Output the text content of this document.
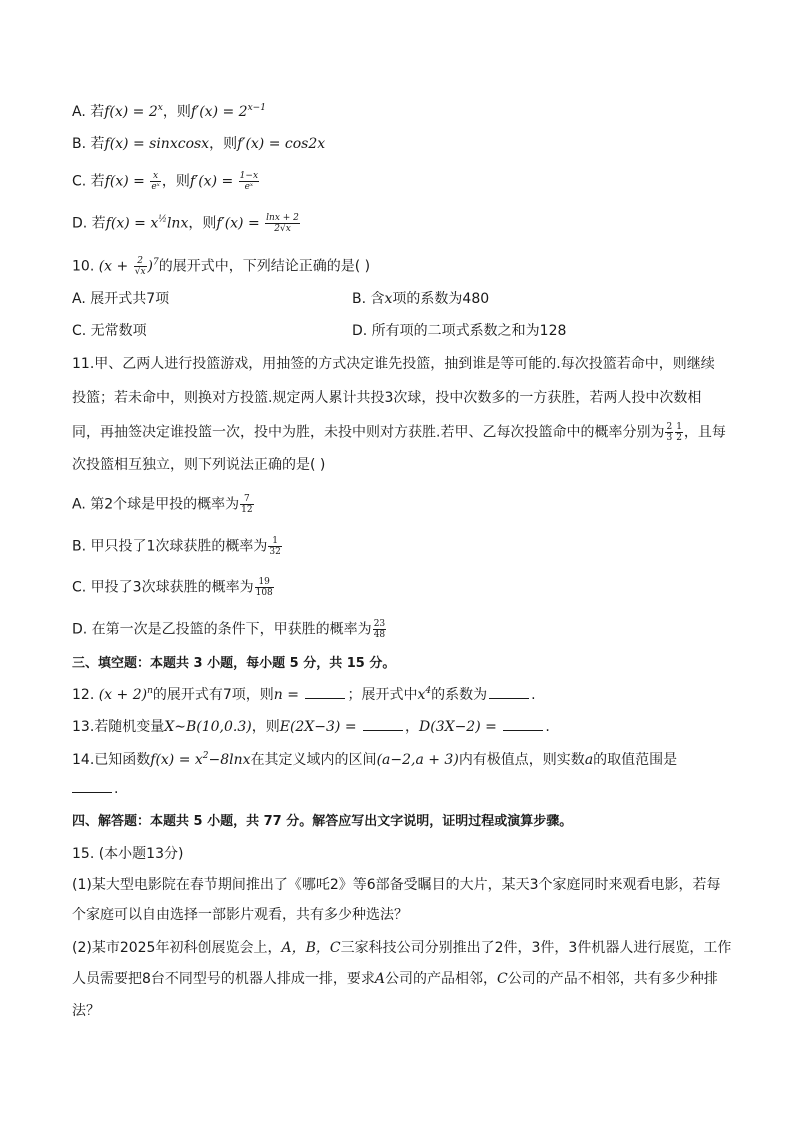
A. 若$f(x) = 2^x$，则$f'(x) = 2^{x-1}$
B. 若f(x) = sinxcosx，则f′(x) = cos2x
C. 若$f(x) = \frac{x}{\text{eˣ}}$ ，则$f'(x) = \frac{1-x}{\text{eˣ}}$
D. 若$f(x) = x^{\frac{1}{2}}\ln x$，则$f'(x) = \frac{\ln x + 2}{2√x}$
10. $(x + \frac{2}{√x} )^7$的展开式中，下列结论正确的是( )
A. 展开式共7项	B. 含x项的系数为480
C. 无常数项	D. 所有项的二项式系数之和为128
11.甲、乙两人进行投篮游戏，用抽签的方式决定谁先投篮，抽到谁是等可能的.每次投篮若命中，则继续
投篮；若未命中，则换对方投篮.规定两人累计共投3次球，投中次数多的一方获胜，若两人投中次数相
同，再抽签决定谁投篮一次，投中为胜，未投中则对方获胜.若甲、乙每次投篮命中的概率分别为 $\frac{2}{3} \frac{1}{2}$ ，且每
次投篮相互独立，则下列说法正确的是( )
A. 第2个球是甲投的概率为 $\frac{7}{12}$
B. 甲只投了1次球获胜的概率为 $\frac{1}{32}$
C. 甲投了3次球获胜的概率为 $\frac{19}{108}$
D. 在第一次是乙投篮的条件下，甲获胜的概率为 $\frac{23}{48}$
三、填空题：本题共 3 小题，每小题 5 分，共 15 分。
12. $(x + 2)^n$的展开式有7项，则n =	；展开式中$x^4$的系数为	.
13.若随机变量X∼B(10,0.3)，则E(2X−3) =	，D(3X−2) =	.
14.已知函数$f(x) = x^2-8\ln x$在其定义域内的区间(a−2,a + 3)内有极值点，则实数a的取值范围是
.
四、解答题：本题共 5 小题，共 77 分。解答应写出文字说明，证明过程或演算步骤。
15. (本小题13分)
(1)某大型电影院在春节期间推出了《哪吒2》等6部备受瞩目的大片，某天3个家庭同时来观看电影，若每
个家庭可以自由选择一部影片观看，共有多少种选法？
(2)某市2025年初科创展览会上，A，B，C三家科技公司分别推出了2件，3件，3件机器人进行展览，工作
人员需要把8台不同型号的机器人排成一排，要求A公司的产品相邻，C公司的产品不相邻，共有多少种排
法？
